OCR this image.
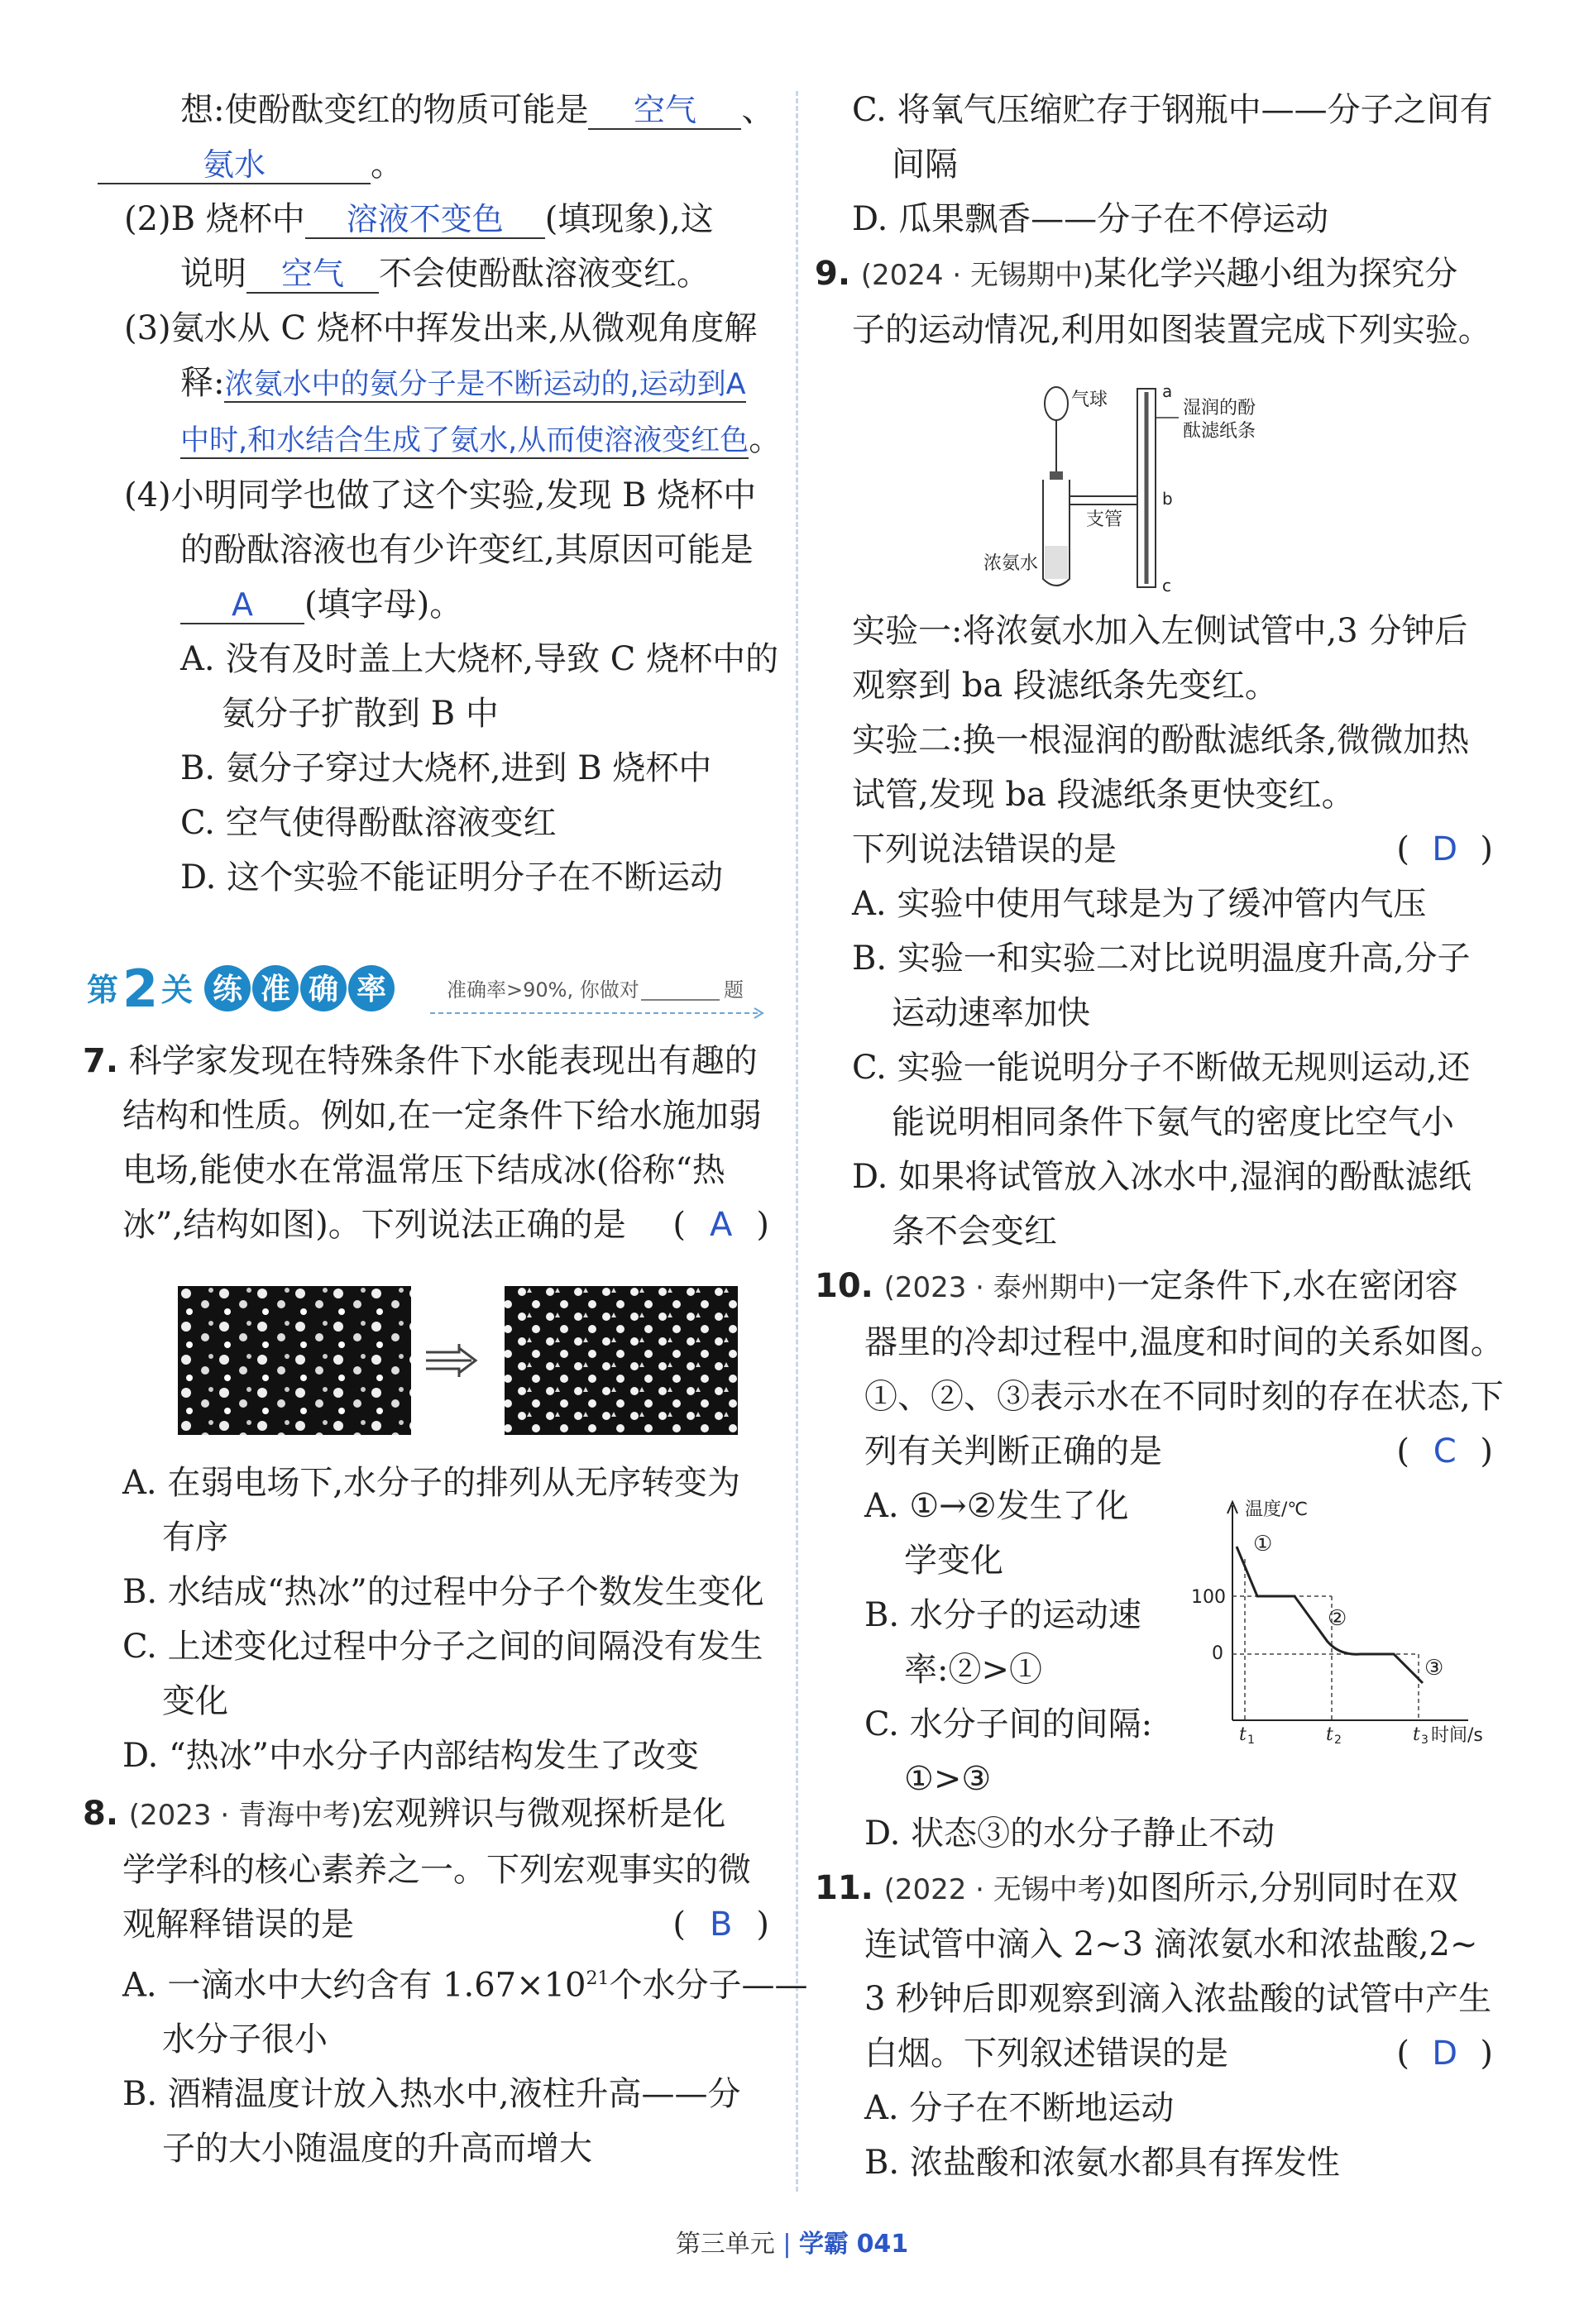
想:使酚酞变红的物质可能是 空气 、
氨水	。
(2)B 烧杯中 溶液不变色 (填现象),这
说明 空气 不会使酚酞溶液变红。
(3)氨水从 C 烧杯中挥发出来,从微观角度解
释:浓氨水中的氨分子是不断运动的,运动到A
中时,和水结合生成了氨水,从而使溶液变红色。
(4)小明同学也做了这个实验,发现 B 烧杯中
的酚酞溶液也有少许变红,其原因可能是
A (填字母)。
A. 没有及时盖上大烧杯,导致 C 烧杯中的
氨分子扩散到 B 中
B. 氨分子穿过大烧杯,进到 B 烧杯中
C. 空气使得酚酞溶液变红
D. 这个实验不能证明分子在不断运动
第 2 关 练 准 确 率	准确率>90%, 你做对	题
7. 科学家发现在特殊条件下水能表现出有趣的
结构和性质。例如,在一定条件下给水施加弱
电场,能使水在常温常压下结成冰(俗称“热
冰”,结构如图)。下列说法正确的是 ( A )
A. 在弱电场下,水分子的排列从无序转变为
有序
B. 水结成“热冰”的过程中分子个数发生变化
C. 上述变化过程中分子之间的间隔没有发生
变化
D. “热冰”中水分子内部结构发生了改变
8. (2023 · 青海中考)宏观辨识与微观探析是化
学学科的核心素养之一。下列宏观事实的微
观解释错误的是	( B )
A. 一滴水中大约含有 $1.67\times 10^{21}$个水分子——
水分子很小
B. 酒精温度计放入热水中,液柱升高——分
子的大小随温度的升高而增大
C. 将氧气压缩贮存于钢瓶中——分子之间有
间隔
D. 瓜果飘香——分子在不停运动
9. (2024 · 无锡期中)某化学兴趣小组为探究分
子的运动情况,利用如图装置完成下列实验。
气球	a
b
c
湿润的酚
酞滤纸条
支管
浓氨水
实验一:将浓氨水加入左侧试管中,3 分钟后
观察到 ba 段滤纸条先变红。
实验二:换一根湿润的酚酞滤纸条,微微加热
试管,发现 ba 段滤纸条更快变红。
下列说法错误的是	( D )
A. 实验中使用气球是为了缓冲管内气压
B. 实验一和实验二对比说明温度升高,分子
运动速率加快
C. 实验一能说明分子不断做无规则运动,还
能说明相同条件下氨气的密度比空气小
D. 如果将试管放入冰水中,湿润的酚酞滤纸
条不会变红
10. (2023 · 泰州期中)一定条件下,水在密闭容
器里的冷却过程中,温度和时间的关系如图。
①、②、③表示水在不同时刻的存在状态,下
列有关判断正确的是	( C )
A. ①→②发生了化
学变化
B. 水分子的运动速
率:②>①
C. 水分子间的间隔:
①>③
D. 状态③的水分子静止不动
11. (2022 · 无锡中考)如图所示,分别同时在双
连试管中滴入 2~3 滴浓氨水和浓盐酸,2~
3 秒钟后即观察到滴入浓盐酸的试管中产生
白烟。下列叙述错误的是	( D )
A. 分子在不断地运动
B. 浓盐酸和浓氨水都具有挥发性
温度/℃
时间/s
100
0
①
②
③
t 1	t 2	t 3
第三单元 | 学霸 041
